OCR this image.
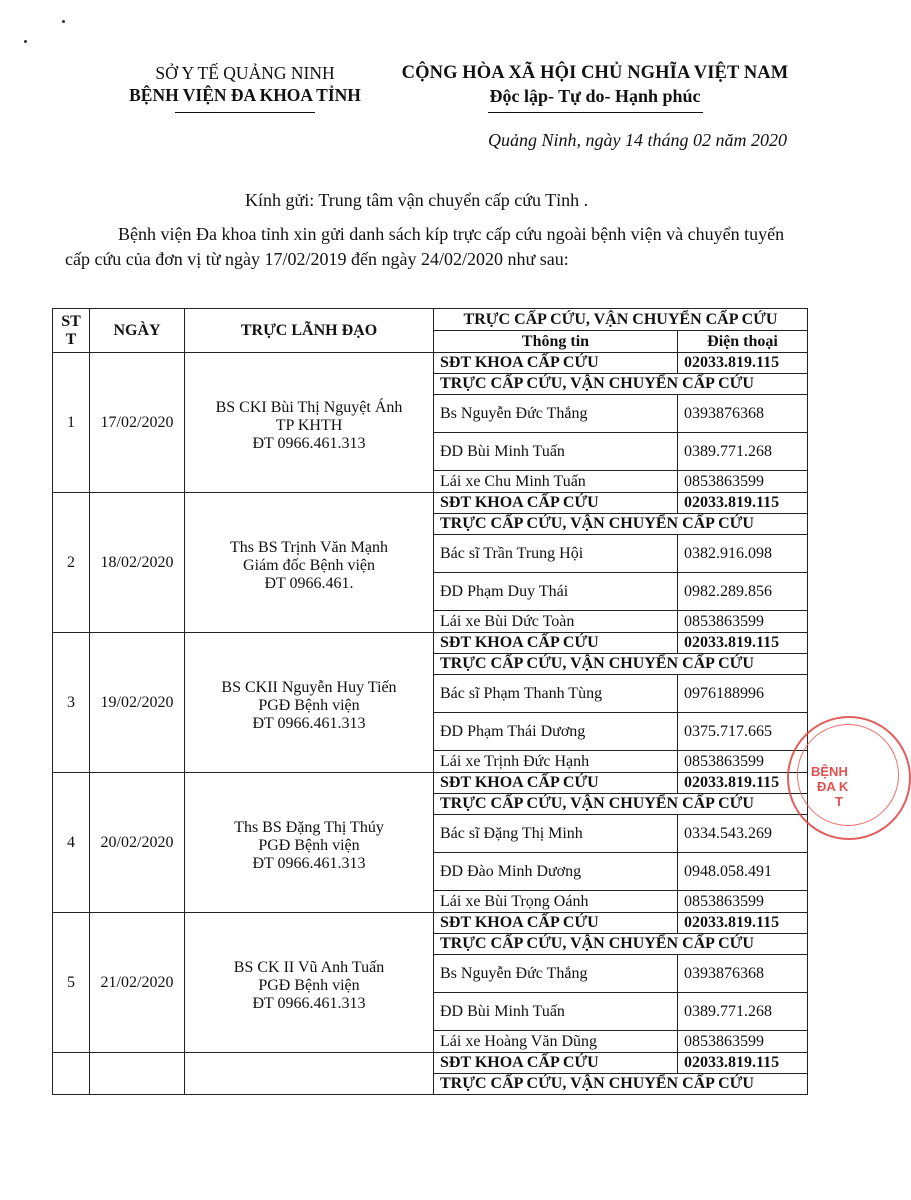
SỞ Y TẾ QUẢNG NINH
BỆNH VIỆN ĐA KHOA TỈNH
CỘNG HÒA XÃ HỘI CHỦ NGHĨA VIỆT NAM
Độc lập- Tự do- Hạnh phúc
Quảng Ninh, ngày 14 tháng 02 năm 2020
Kính gửi: Trung tâm vận chuyển cấp cứu Tỉnh .
Bệnh viện Đa khoa tỉnh xin gửi danh sách kíp trực cấp cứu ngoài bệnh viện và chuyển tuyến cấp cứu của đơn vị từ ngày 17/02/2019 đến ngày 24/02/2020 như sau:
ST T	NGÀY	TRỰC LÃNH ĐẠO	TRỰC CẤP CỨU, VẬN CHUYỂN CẤP CỨU	
			Thông tin	Điện thoại
1	17/02/2020	BS CKI Bùi Thị Nguyệt Ánh
TP KHTH
ĐT 0966.461.313	SĐT KHOA CẤP CỨU	02033.819.115
			TRỰC CẤP CỨU, VẬN CHUYỂN CẤP CỨU	
			Bs Nguyễn Đức Thắng	0393876368
			ĐD Bùi Minh Tuấn	0389.771.268
			Lái xe Chu Minh Tuấn	0853863599
2	18/02/2020	Ths BS Trịnh Văn Mạnh
Giám đốc Bệnh viện
ĐT 0966.461.	SĐT KHOA CẤP CỨU	02033.819.115
			TRỰC CẤP CỨU, VẬN CHUYỂN CẤP CỨU	
			Bác sĩ Trần Trung Hội	0382.916.098
			ĐD Phạm Duy Thái	0982.289.856
			Lái xe Bùi Dức Toàn	0853863599
3	19/02/2020	BS CKII Nguyễn Huy Tiến
PGĐ Bệnh viện
ĐT 0966.461.313	SĐT KHOA CẤP CỨU	02033.819.115
			TRỰC CẤP CỨU, VẬN CHUYỂN CẤP CỨU	
			Bác sĩ Phạm Thanh Tùng	0976188996
			ĐD Phạm Thái Dương	0375.717.665
			Lái xe Trịnh Đức Hạnh	0853863599
4	20/02/2020	Ths BS Đặng Thị Thúy
PGĐ Bệnh viện
ĐT 0966.461.313	SĐT KHOA CẤP CỨU	02033.819.115
			TRỰC CẤP CỨU, VẬN CHUYỂN CẤP CỨU	
			Bác sĩ Đặng Thị Minh	0334.543.269
			ĐD Đào Minh Dương	0948.058.491
			Lái xe Bùi Trọng Oánh	0853863599
5	21/02/2020	BS CK II Vũ Anh Tuấn
PGĐ Bệnh viện
ĐT 0966.461.313	SĐT KHOA CẤP CỨU	02033.819.115
			TRỰC CẤP CỨU, VẬN CHUYỂN CẤP CỨU	
			Bs Nguyễn Đức Thắng	0393876368
			ĐD Bùi Minh Tuấn	0389.771.268
			Lái xe Hoàng Văn Dũng	0853863599
			SĐT KHOA CẤP CỨU	02033.819.115
			TRỰC CẤP CỨU, VẬN CHUYỂN CẤP CỨU	
BỆNH
ĐA K
T
